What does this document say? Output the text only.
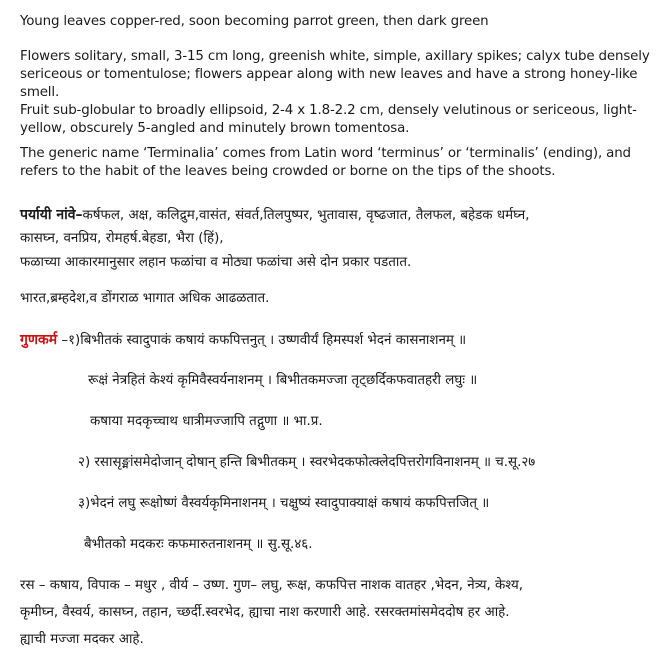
Young leaves copper-red, soon becoming parrot green, then dark green
Flowers solitary, small, 3-15 cm long, greenish white, simple, axillary spikes; calyx tube densely
sericeous or tomentulose; flowers appear along with new leaves and have a strong honey-like
smell.
Fruit sub-globular to broadly ellipsoid, 2-4 x 1.8-2.2 cm, densely velutinous or sericeous, light-
yellow, obscurely 5-angled and minutely brown tomentosa.
The generic name ‘Terminalia’ comes from Latin word ‘terminus’ or ‘terminalis’ (ending), and
refers to the habit of the leaves being crowded or borne on the tips of the shoots.
पर्यायी नांवे–कर्षफल, अक्ष, कलिद्रुम,वासंत, संवर्त,तिलपुष्पर, भुतावास, वृष्ढजात, तैलफल, बहेडक धर्मघ्न,
कासघ्न, वनप्रिय, रोमहर्ष.बेहडा, भैरा (हिं),
फळाच्या आकारमानुसार लहान फळांचा व मोठ्या फळांचा असे दोन प्रकार पडतात.
भारत,ब्रम्हदेश,व डोंगराळ भागात अधिक आढळतात.
गुणकर्म –१)बिभीतकं स्वादुपाकं कषायं कफपित्तनुत् । उष्णवीर्यं हिमस्पर्श भेदनं कासनाशनम् ॥
रूक्षं नेत्रहितं केश्यं कृमिवैस्वर्यनाशनम् । बिभीतकमज्जा तृट्छर्दिकफवातहरी लघुः ॥
कषाया मदकृच्चाथ धात्रीमज्जापि तद्गुणा ॥ भा.प्र.
२) रसासृङ्मांसमेदोजान् दोषान् हन्ति बिभीतकम् । स्वरभेदकफोत्क्लेदपित्तरोगविनाशनम् ॥ च.सू.२७
३)भेदनं लघु रूक्षोष्णं वैस्वर्यकृमिनाशनम् । चक्षुष्यं स्वादुपाक्याक्षं कषायं कफपित्तजित् ॥
बैभीतको मदकरः कफमारुतनाशनम् ॥ सु.सू.४६.
रस – कषाय, विपाक – मधुर , वीर्य – उष्ण. गुण– लघु, रूक्ष, कफपित्त नाशक वातहर ,भेदन, नेत्र्य, केश्य,
कृमीघ्न, वैस्वर्य, कासघ्न, तहान, च्छर्दी.स्वरभेद, ह्याचा नाश करणारी आहे. रसरक्तमांसमेददोष हर आहे.
ह्याची मज्जा मदकर आहे.
